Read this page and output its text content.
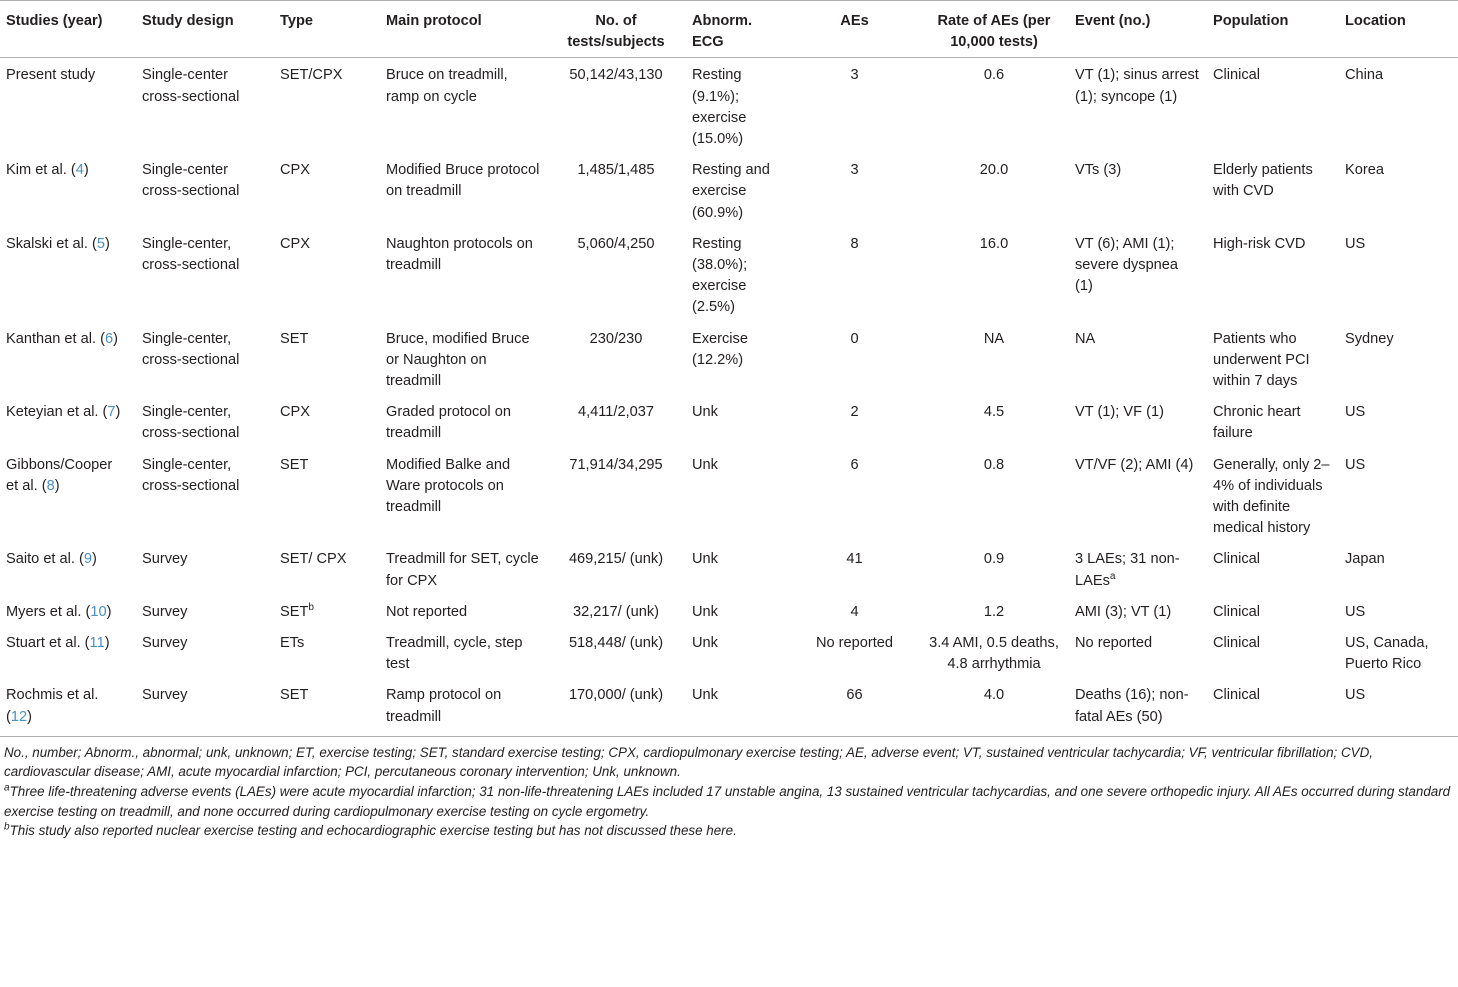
Studies (year)	Study design	Type	Main protocol	No. of tests/subjects	Abnorm. ECG	AEs	Rate of AEs (per 10,000 tests)	Event (no.)	Population	Location
Present study	Single-center cross-sectional	SET/CPX	Bruce on treadmill, ramp on cycle	50,142/43,130	Resting (9.1%); exercise (15.0%)	3	0.6	VT (1); sinus arrest (1); syncope (1)	Clinical	China
Kim et al. (4)	Single-center cross-sectional	CPX	Modified Bruce protocol on treadmill	1,485/1,485	Resting and exercise (60.9%)	3	20.0	VTs (3)	Elderly patients with CVD	Korea
Skalski et al. (5)	Single-center, cross-sectional	CPX	Naughton protocols on treadmill	5,060/4,250	Resting (38.0%); exercise (2.5%)	8	16.0	VT (6); AMI (1); severe dyspnea (1)	High-risk CVD	US
Kanthan et al. (6)	Single-center, cross-sectional	SET	Bruce, modified Bruce or Naughton on treadmill	230/230	Exercise (12.2%)	0	NA	NA	Patients who underwent PCI within 7 days	Sydney
Keteyian et al. (7)	Single-center, cross-sectional	CPX	Graded protocol on treadmill	4,411/2,037	Unk	2	4.5	VT (1); VF (1)	Chronic heart failure	US
Gibbons/Cooper et al. (8)	Single-center, cross-sectional	SET	Modified Balke and Ware protocols on treadmill	71,914/34,295	Unk	6	0.8	VT/VF (2); AMI (4)	Generally, only 2–4% of individuals with definite medical history	US
Saito et al. (9)	Survey	SET/ CPX	Treadmill for SET, cycle for CPX	469,215/ (unk)	Unk	41	0.9	3 LAEs; 31 non-LAEs$^a$	Clinical	Japan
Myers et al. (10)	Survey	SET$^b$	Not reported	32,217/ (unk)	Unk	4	1.2	AMI (3); VT (1)	Clinical	US
Stuart et al. (11)	Survey	ETs	Treadmill, cycle, step test	518,448/ (unk)	Unk	No reported	3.4 AMI, 0.5 deaths, 4.8 arrhythmia	No reported	Clinical	US, Canada, Puerto Rico
Rochmis et al. (12)	Survey	SET	Ramp protocol on treadmill	170,000/ (unk)	Unk	66	4.0	Deaths (16); non-fatal AEs (50)	Clinical	US

No., number; Abnorm., abnormal; unk, unknown; ET, exercise testing; SET, standard exercise testing; CPX, cardiopulmonary exercise testing; AE, adverse event; VT, sustained ventricular tachycardia; VF, ventricular fibrillation; CVD, cardiovascular disease; AMI, acute myocardial infarction; PCI, percutaneous coronary intervention; Unk, unknown.

$^a$Three life-threatening adverse events (LAEs) were acute myocardial infarction; 31 non-life-threatening LAEs included 17 unstable angina, 13 sustained ventricular tachycardias, and one severe orthopedic injury. All AEs occurred during standard exercise testing on treadmill, and none occurred during cardiopulmonary exercise testing on cycle ergometry.

$^b$This study also reported nuclear exercise testing and echocardiographic exercise testing but has not discussed these here.
